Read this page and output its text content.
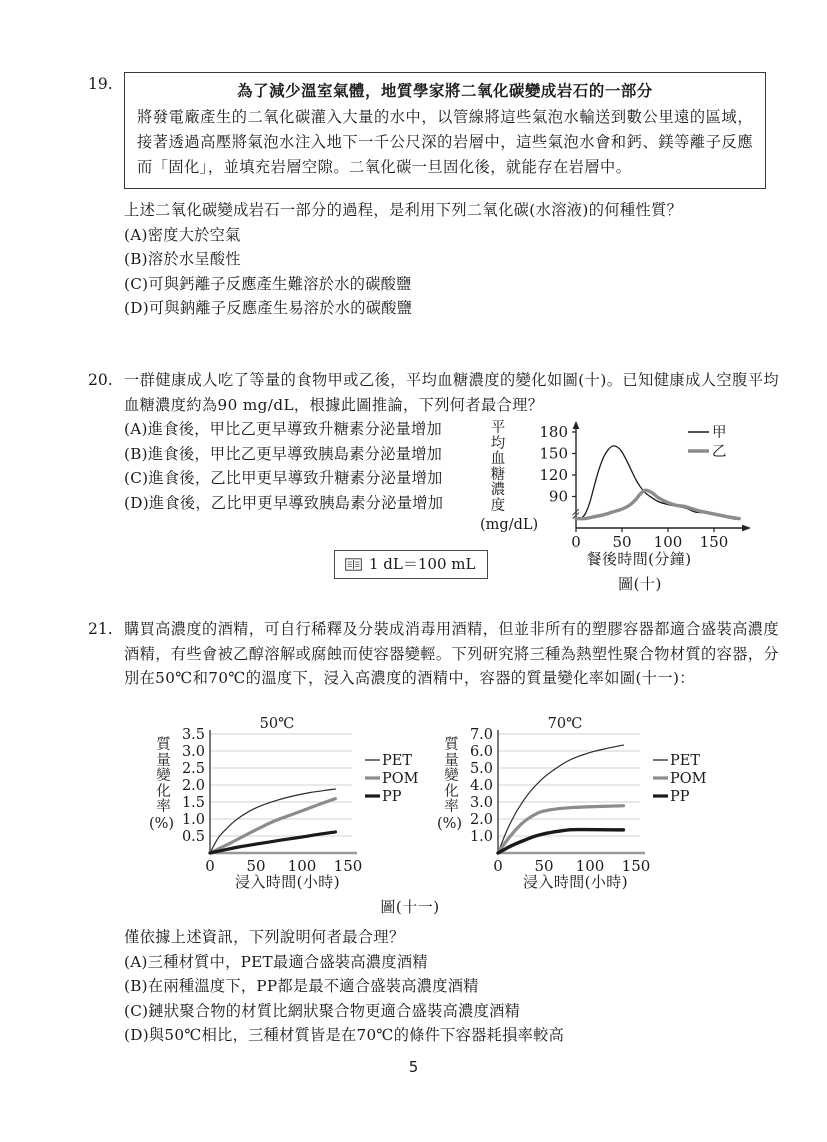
19.	為了減少溫室氣體，地質學家將二氧化碳變成岩石的一部分
將發電廠產生的二氧化碳灌入大量的水中，以管線將這些氣泡水輸送到數公里遠的區域，接著透過高壓將氣泡水注入地下一千公尺深的岩層中，這些氣泡水會和鈣、鎂等離子反應而「固化」，並填充岩層空隙。二氧化碳一旦固化後，就能存在岩層中。
上述二氧化碳變成岩石一部分的過程，是利用下列二氧化碳(水溶液)的何種性質？
(A)密度大於空氣
(B)溶於水呈酸性
(C)可與鈣離子反應產生難溶於水的碳酸鹽
(D)可與鈉離子反應產生易溶於水的碳酸鹽
20. 一群健康成人吃了等量的食物甲或乙後，平均血糖濃度的變化如圖(十)。已知健康成人空腹平均血糖濃度約為90 mg/dL，根據此圖推論，下列何者最合理？
(A)進食後，甲比乙更早導致升糖素分泌量增加
(B)進食後，甲比乙更早導致胰島素分泌量增加
(C)進食後，乙比甲更早導致升糖素分泌量增加
(D)進食後，乙比甲更早導致胰島素分泌量增加
1 dL＝100 mL
平
均
血
糖
濃
度
(mg/dL)
180
150
120
90
0 50 100 150
甲
乙
餐後時間(分鐘)
圖(十)
21. 購買高濃度的酒精，可自行稀釋及分裝成消毒用酒精，但並非所有的塑膠容器都適合盛裝高濃度酒精，有些會被乙醇溶解或腐蝕而使容器變輕。下列研究將三種為熱塑性聚合物材質的容器，分別在50℃和70℃的溫度下，浸入高濃度的酒精中，容器的質量變化率如圖(十一)：
50℃
質
量
變
化
率
(%)
3.5
3.0
2.5
2.0
1.5
1.0
0.5
0 50 100 150
PET
POM
PP
浸入時間(小時)
70℃
質
量
變
化
率
(%)
7.0
6.0
5.0
4.0
3.0
2.0
1.0
0 50 100 150
PET
POM
PP
浸入時間(小時)
圖(十一)
僅依據上述資訊，下列說明何者最合理？
(A)三種材質中，PET最適合盛裝高濃度酒精
(B)在兩種溫度下，PP都是最不適合盛裝高濃度酒精
(C)鏈狀聚合物的材質比網狀聚合物更適合盛裝高濃度酒精
(D)與50℃相比，三種材質皆是在70℃的條件下容器耗損率較高
5
